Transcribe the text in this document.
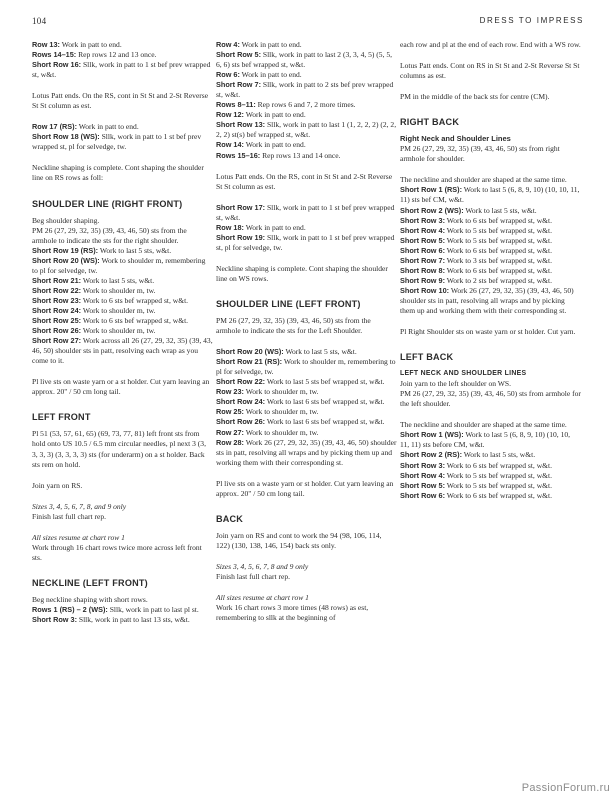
104	DRESS TO IMPRESS

Row 13: Work in patt to end.

Rows 14–15: Rep rows 12 and 13 once.

Short Row 16: Sllk, work in patt to 1 st bef prev wrapped st, w&t.

Lotus Patt ends. On the RS, cont in St St and 2-St Reverse St St column as est.

Row 17 (RS): Work in patt to end.

Short Row 18 (WS): Sllk, work in patt to 1 st bef prev wrapped st, pl for selvedge, tw.

Neckline shaping is complete. Cont shaping the shoulder line on RS rows as foll:

SHOULDER LINE (RIGHT FRONT)

Beg shoulder shaping.

PM 26 (27, 29, 32, 35) (39, 43, 46, 50) sts from the armhole to indicate the sts for the right shoulder.

Short Row 19 (RS): Work to last 5 sts, w&t.

Short Row 20 (WS): Work to shoulder m, remembering to pl for selvedge, tw.

Short Row 21: Work to last 5 sts, w&t.

Short Row 22: Work to shoulder m, tw.

Short Row 23: Work to 6 sts bef wrapped st, w&t.

Short Row 24: Work to shoulder m, tw.

Short Row 25: Work to 6 sts bef wrapped st, w&t.

Short Row 26: Work to shoulder m, tw.

Short Row 27: Work across all 26 (27, 29, 32, 35) (39, 43, 46, 50) shoulder sts in patt, resolving each wrap as you come to it.

Pl live sts on waste yarn or a st holder. Cut yarn leaving an approx. 20" / 50 cm long tail.

LEFT FRONT

Pl 51 (53, 57, 61, 65) (69, 73, 77, 81) left front sts from hold onto US 10.5 / 6.5 mm circular needles, pl next 3 (3, 3, 3, 3) (3, 3, 3, 3) sts (for underarm) on a st holder. Back sts rem on hold.

Join yarn on RS.

Sizes 3, 4, 5, 6, 7, 8, and 9 only
Finish last full chart rep.

All sizes resume at chart row 1
Work through 16 chart rows twice more across left front sts.

NECKLINE (LEFT FRONT)

Beg neckline shaping with short rows.

Rows 1 (RS) – 2 (WS): Sllk, work in patt to last pl st.

Short Row 3: Sllk, work in patt to last 13 sts, w&t.

Row 4: Work in patt to end.

Short Row 5: Sllk, work in patt to last 2 (3, 3, 4, 5) (5, 5, 6, 6) sts bef wrapped st, w&t.

Row 6: Work in patt to end.

Short Row 7: Sllk, work in patt to 2 sts bef prev wrapped st, w&t.

Rows 8–11: Rep rows 6 and 7, 2 more times.

Row 12: Work in patt to end.

Short Row 13: Sllk, work in patt to last 1 (1, 2, 2, 2) (2, 2, 2, 2) st(s) bef wrapped st, w&t.

Row 14: Work in patt to end.

Rows 15–16: Rep rows 13 and 14 once.

Lotus Patt ends. On the RS, cont in St St and 2-St Reverse St St column as est.

Short Row 17: Sllk, work in patt to 1 st bef prev wrapped st, w&t.

Row 18: Work in patt to end.

Short Row 19: Sllk, work in patt to 1 st bef prev wrapped st, pl for selvedge, tw.

Neckline shaping is complete. Cont shaping the shoulder line on WS rows.

SHOULDER LINE (LEFT FRONT)

PM 26 (27, 29, 32, 35) (39, 43, 46, 50) sts from the armhole to indicate the sts for the Left Shoulder.

Short Row 20 (WS): Work to last 5 sts, w&t.

Short Row 21 (RS): Work to shoulder m, remembering to pl for selvedge, tw.

Short Row 22: Work to last 5 sts bef wrapped st, w&t.

Row 23: Work to shoulder m, tw.

Short Row 24: Work to last 6 sts bef wrapped st, w&t.

Row 25: Work to shoulder m, tw.

Short Row 26: Work to last 6 sts bef wrapped st, w&t.

Row 27: Work to shoulder m, tw.

Row 28: Work 26 (27, 29, 32, 35) (39, 43, 46, 50) shoulder sts in patt, resolving all wraps and by picking them up and working them with their corresponding st.

Pl live sts on a waste yarn or st holder. Cut yarn leaving an approx. 20" / 50 cm long tail.

BACK

Join yarn on RS and cont to work the 94 (98, 106, 114, 122) (130, 138, 146, 154) back sts only.

Sizes 3, 4, 5, 6, 7, 8 and 9 only
Finish last full chart rep.

All sizes resume at chart row 1
Work 16 chart rows 3 more times (48 rows) as est, remembering to sllk at the beginning of

each row and pl at the end of each row. End with a WS row.

Lotus Patt ends. Cont on RS in St St and 2-St Reverse St St columns as est.

PM in the middle of the back sts for centre (CM).

RIGHT BACK
Right Neck and Shoulder Lines

PM 26 (27, 29, 32, 35) (39, 43, 46, 50) sts from right armhole for shoulder.

The neckline and shoulder are shaped at the same time.

Short Row 1 (RS): Work to last 5 (6, 8, 9, 10) (10, 10, 11, 11) sts bef CM, w&t.

Short Row 2 (WS): Work to last 5 sts, w&t.

Short Row 3: Work to 6 sts bef wrapped st, w&t.

Short Row 4: Work to 5 sts bef wrapped st, w&t.

Short Row 5: Work to 5 sts bef wrapped st, w&t.

Short Row 6: Work to 6 sts bef wrapped st, w&t.

Short Row 7: Work to 3 sts bef wrapped st, w&t.

Short Row 8: Work to 6 sts bef wrapped st, w&t.

Short Row 9: Work to 2 sts bef wrapped st, w&t.

Short Row 10: Work 26 (27, 29, 32, 35) (39, 43, 46, 50) shoulder sts in patt, resolving all wraps and by picking them up and working them with their corresponding st.

Pl Right Shoulder sts on waste yarn or st holder. Cut yarn.

LEFT BACK
LEFT NECK AND SHOULDER LINES

Join yarn to the left shoulder on WS.

PM 26 (27, 29, 32, 35) (39, 43, 46, 50) sts from armhole for the left shoulder.

The neckline and shoulder are shaped at the same time.

Short Row 1 (WS): Work to last 5 (6, 8, 9, 10) (10, 10, 11, 11) sts before CM, w&t.

Short Row 2 (RS): Work to last 5 sts, w&t.

Short Row 3: Work to 6 sts bef wrapped st, w&t.

Short Row 4: Work to 5 sts bef wrapped st, w&t.

Short Row 5: Work to 5 sts bef wrapped st, w&t.

Short Row 6: Work to 6 sts bef wrapped st, w&t.

PassionForum.ru
